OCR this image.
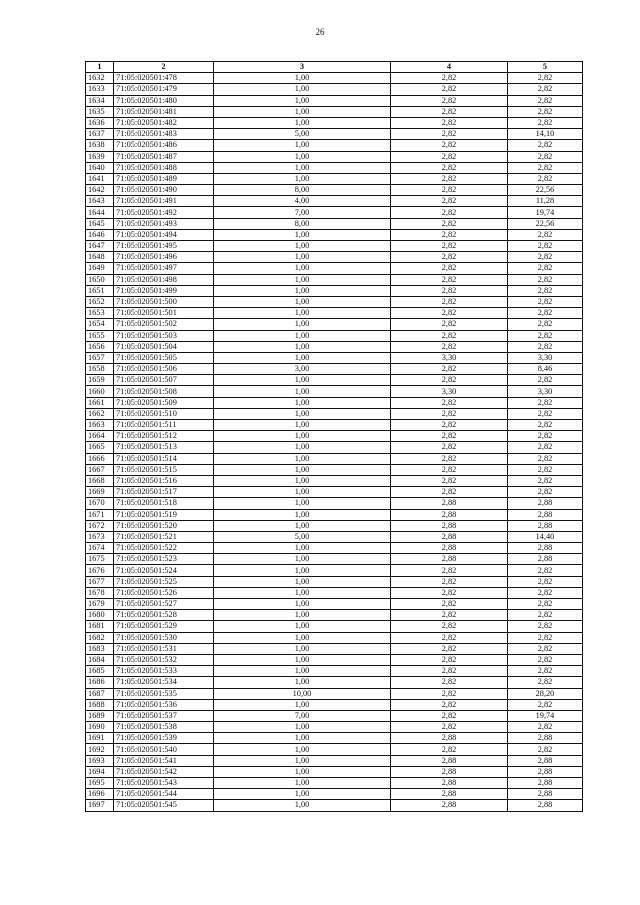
26
1	2	3	4	5
1632	71:05:020501:478	1,00	2,82	2,82
1633	71:05:020501:479	1,00	2,82	2,82
1634	71:05:020501:480	1,00	2,82	2,82
1635	71:05:020501:481	1,00	2,82	2,82
1636	71:05:020501:482	1,00	2,82	2,82
1637	71:05:020501:483	5,00	2,82	14,10
1638	71:05:020501:486	1,00	2,82	2,82
1639	71:05:020501:487	1,00	2,82	2,82
1640	71:05:020501:488	1,00	2,82	2,82
1641	71:05:020501:489	1,00	2,82	2,82
1642	71:05:020501:490	8,00	2,82	22,56
1643	71:05:020501:491	4,00	2,82	11,28
1644	71:05:020501:492	7,00	2,82	19,74
1645	71:05:020501:493	8,00	2,82	22,56
1646	71:05:020501:494	1,00	2,82	2,82
1647	71:05:020501:495	1,00	2,82	2,82
1648	71:05:020501:496	1,00	2,82	2,82
1649	71:05:020501:497	1,00	2,82	2,82
1650	71:05:020501:498	1,00	2,82	2,82
1651	71:05:020501:499	1,00	2,82	2,82
1652	71:05:020501:500	1,00	2,82	2,82
1653	71:05:020501:501	1,00	2,82	2,82
1654	71:05:020501:502	1,00	2,82	2,82
1655	71:05:020501:503	1,00	2,82	2,82
1656	71:05:020501:504	1,00	2,82	2,82
1657	71:05:020501:505	1,00	3,30	3,30
1658	71:05:020501:506	3,00	2,82	8,46
1659	71:05:020501:507	1,00	2,82	2,82
1660	71:05:020501:508	1,00	3,30	3,30
1661	71:05:020501:509	1,00	2,82	2,82
1662	71:05:020501:510	1,00	2,82	2,82
1663	71:05:020501:511	1,00	2,82	2,82
1664	71:05:020501:512	1,00	2,82	2,82
1665	71:05:020501:513	1,00	2,82	2,82
1666	71:05:020501:514	1,00	2,82	2,82
1667	71:05:020501:515	1,00	2,82	2,82
1668	71:05:020501:516	1,00	2,82	2,82
1669	71:05:020501:517	1,00	2,82	2,82
1670	71:05:020501:518	1,00	2,88	2,88
1671	71:05:020501:519	1,00	2,88	2,88
1672	71:05:020501:520	1,00	2,88	2,88
1673	71:05:020501:521	5,00	2,88	14,40
1674	71:05:020501:522	1,00	2,88	2,88
1675	71:05:020501:523	1,00	2,88	2,88
1676	71:05:020501:524	1,00	2,82	2,82
1677	71:05:020501:525	1,00	2,82	2,82
1678	71:05:020501:526	1,00	2,82	2,82
1679	71:05:020501:527	1,00	2,82	2,82
1680	71:05:020501:528	1,00	2,82	2,82
1681	71:05:020501:529	1,00	2,82	2,82
1682	71:05:020501:530	1,00	2,82	2,82
1683	71:05:020501:531	1,00	2,82	2,82
1684	71:05:020501:532	1,00	2,82	2,82
1685	71:05:020501:533	1,00	2,82	2,82
1686	71:05:020501:534	1,00	2,82	2,82
1687	71:05:020501:535	10,00	2,82	28,20
1688	71:05:020501:536	1,00	2,82	2,82
1689	71:05:020501:537	7,00	2,82	19,74
1690	71:05:020501:538	1,00	2,82	2,82
1691	71:05:020501:539	1,00	2,88	2,88
1692	71:05:020501:540	1,00	2,82	2,82
1693	71:05:020501:541	1,00	2,88	2,88
1694	71:05:020501:542	1,00	2,88	2,88
1695	71:05:020501:543	1,00	2,88	2,88
1696	71:05:020501:544	1,00	2,88	2,88
1697	71:05:020501:545	1,00	2,88	2,88
